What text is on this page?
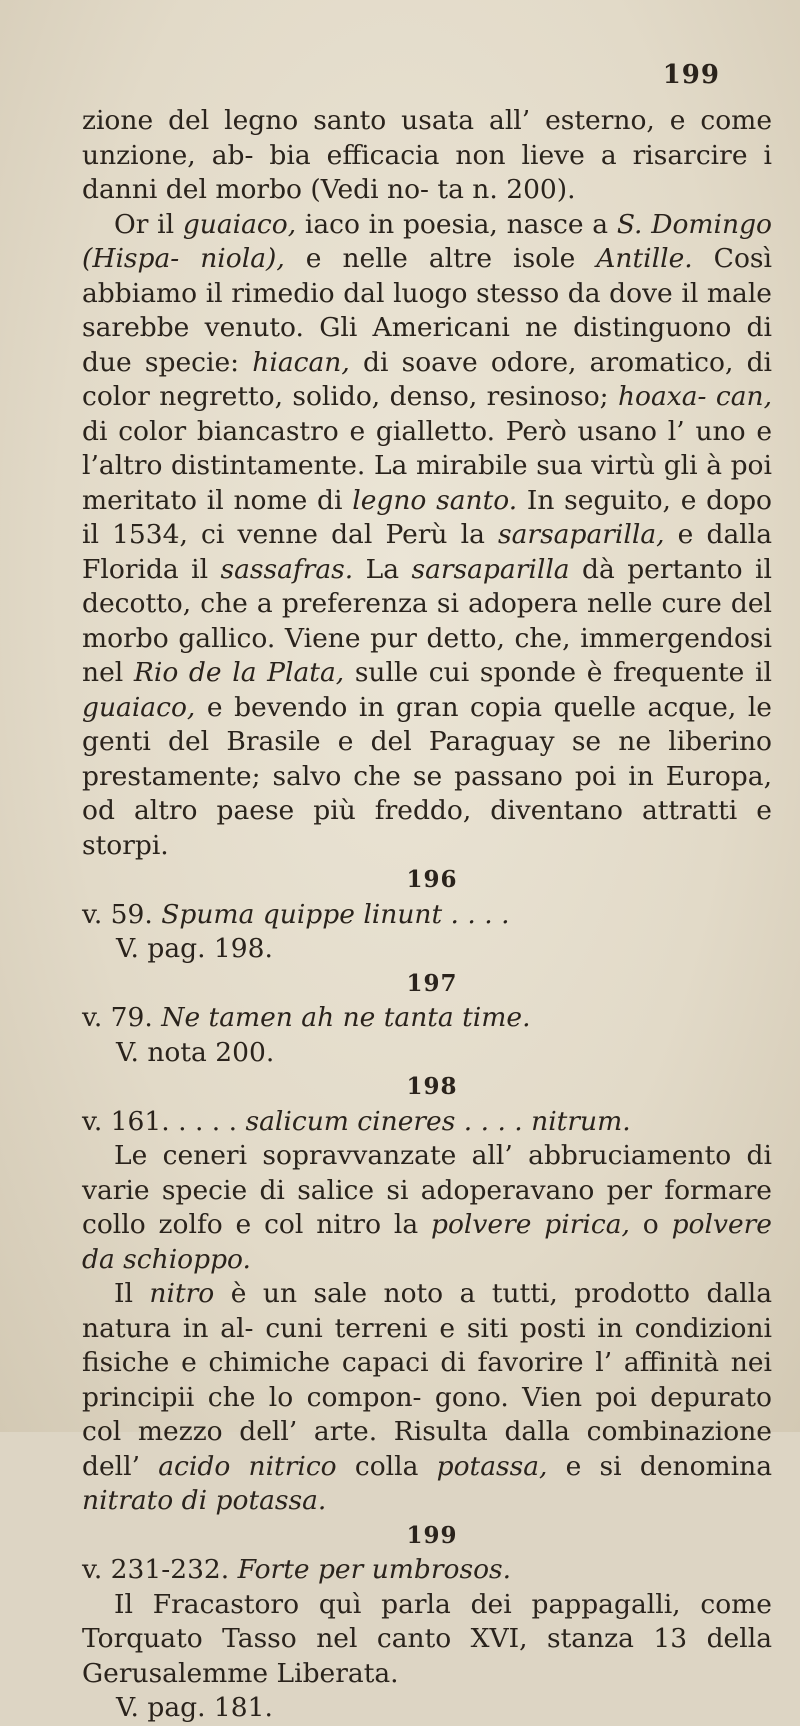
199

zione del legno santo usata all’ esterno, e come unzione, ab- bia efficacia non lieve a risarcire i danni del morbo (Vedi no- ta n. 200).

Or il guaiaco, iaco in poesia, nasce a S. Domingo (Hispa- niola), e nelle altre isole Antille. Così abbiamo il rimedio dal luogo stesso da dove il male sarebbe venuto. Gli Americani ne distinguono di due specie: hiacan, di soave odore, aromatico, di color negretto, solido, denso, resinoso; hoaxa- can, di color biancastro e gialletto. Però usano l’ uno e l’altro distintamente. La mirabile sua virtù gli à poi meritato il nome di legno santo. In seguito, e dopo il 1534, ci venne dal Perù la sarsaparilla, e dalla Florida il sassafras. La sarsaparilla dà pertanto il decotto, che a preferenza si adopera nelle cure del morbo gallico. Viene pur detto, che, immergendosi nel Rio de la Plata, sulle cui sponde è frequente il guaiaco, e bevendo in gran copia quelle acque, le genti del Brasile e del Paraguay se ne liberino prestamente; salvo che se passano poi in Europa, od altro paese più freddo, diventano attratti e storpi.

196

v. 59. Spuma quippe linunt . . . .

V. pag. 198.

197

v. 79. Ne tamen ah ne tanta time.

V. nota 200.

198

v. 161. . . . . salicum cineres . . . . nitrum.

Le ceneri sopravvanzate all’ abbruciamento di varie specie di salice si adoperavano per formare collo zolfo e col nitro la polvere pirica, o polvere da schioppo.

Il nitro è un sale noto a tutti, prodotto dalla natura in al- cuni terreni e siti posti in condizioni fisiche e chimiche capaci di favorire l’ affinità nei principii che lo compon- gono. Vien poi depurato col mezzo dell’ arte. Risulta dalla combinazione dell’ acido nitrico colla potassa, e si denomina nitrato di potassa.

199

v. 231-232. Forte per umbrosos.

Il Fracastoro quì parla dei pappagalli, come Torquato Tasso nel canto XVI, stanza 13 della Gerusalemme Liberata.

V. pag. 181.
